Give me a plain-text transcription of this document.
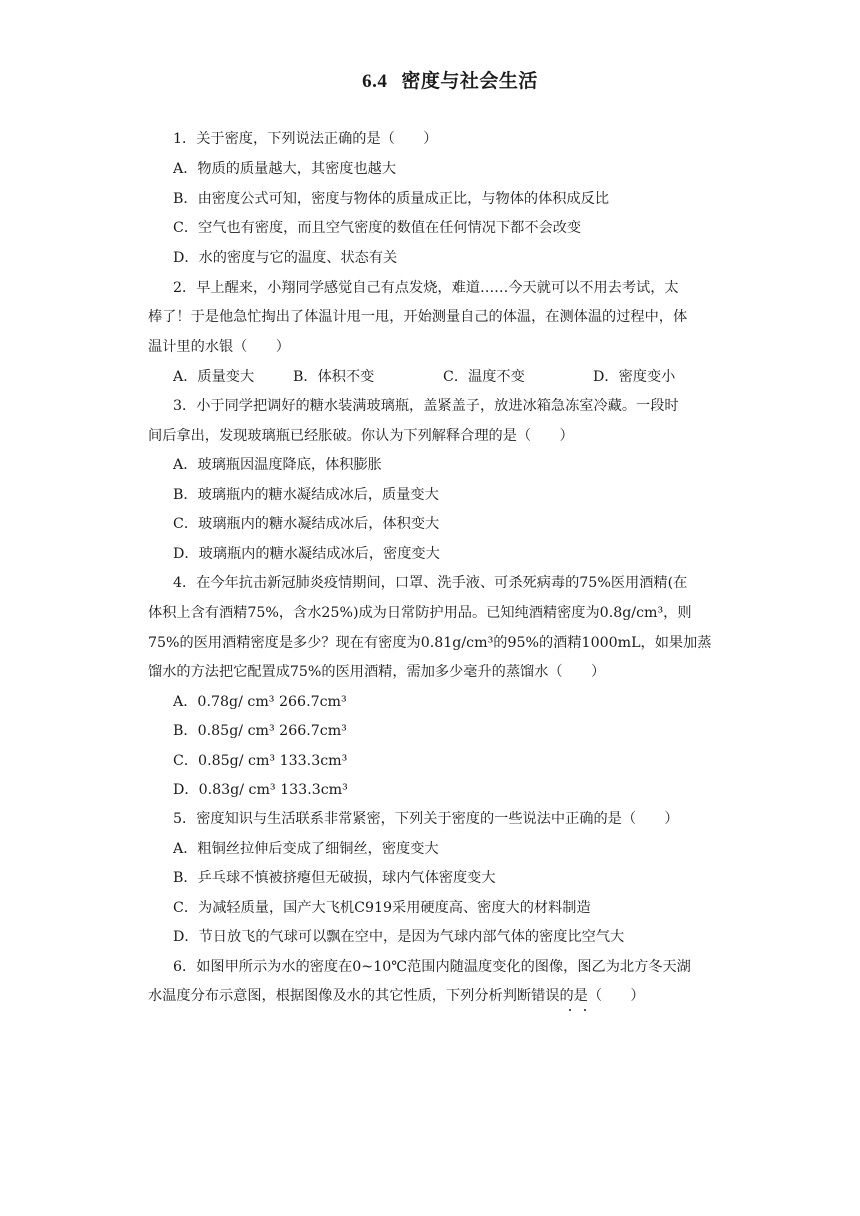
6.4 密度与社会生活
1．关于密度，下列说法正确的是（　　）
A．物质的质量越大，其密度也越大
B．由密度公式可知，密度与物体的质量成正比，与物体的体积成反比
C．空气也有密度，而且空气密度的数值在任何情况下都不会改变
D．水的密度与它的温度、状态有关
2．早上醒来，小翔同学感觉自己有点发烧，难道……今天就可以不用去考试，太
棒了！于是他急忙掏出了体温计甩一甩，开始测量自己的体温，在测体温的过程中，体
温计里的水银（　　）
A．质量变大	B．体积不变	C．温度不变	D．密度变小
3．小于同学把调好的糖水装满玻璃瓶，盖紧盖子，放进冰箱急冻室冷藏。一段时
间后拿出，发现玻璃瓶已经胀破。你认为下列解释合理的是（　　）
A．玻璃瓶因温度降底，体积膨胀
B．玻璃瓶内的糖水凝结成冰后，质量变大
C．玻璃瓶内的糖水凝结成冰后，体积变大
D．玻璃瓶内的糖水凝结成冰后，密度变大
4．在今年抗击新冠肺炎疫情期间，口罩、洗手液、可杀死病毒的75%医用酒精(在
体积上含有酒精75%，含水25%)成为日常防护用品。已知纯酒精密度为0.8g/cm³，则
75%的医用酒精密度是多少？现在有密度为0.81g/cm³的95%的酒精1000mL，如果加蒸
馏水的方法把它配置成75%的医用酒精，需加多少毫升的蒸馏水（　　）
A．0.78g/ cm³ 266.7cm³
B．0.85g/ cm³ 266.7cm³
C．0.85g/ cm³ 133.3cm³
D．0.83g/ cm³ 133.3cm³
5．密度知识与生活联系非常紧密，下列关于密度的一些说法中正确的是（　　）
A．粗铜丝拉伸后变成了细铜丝，密度变大
B．乒乓球不慎被挤瘪但无破损，球内气体密度变大
C．为减轻质量，国产大飞机C919采用硬度高、密度大的材料制造
D．节日放飞的气球可以飘在空中，是因为气球内部气体的密度比空气大
6．如图甲所示为水的密度在0~10℃范围内随温度变化的图像，图乙为北方冬天湖
水温度分布示意图，根据图像及水的其它性质，下列分析判断错误的是（　　）
